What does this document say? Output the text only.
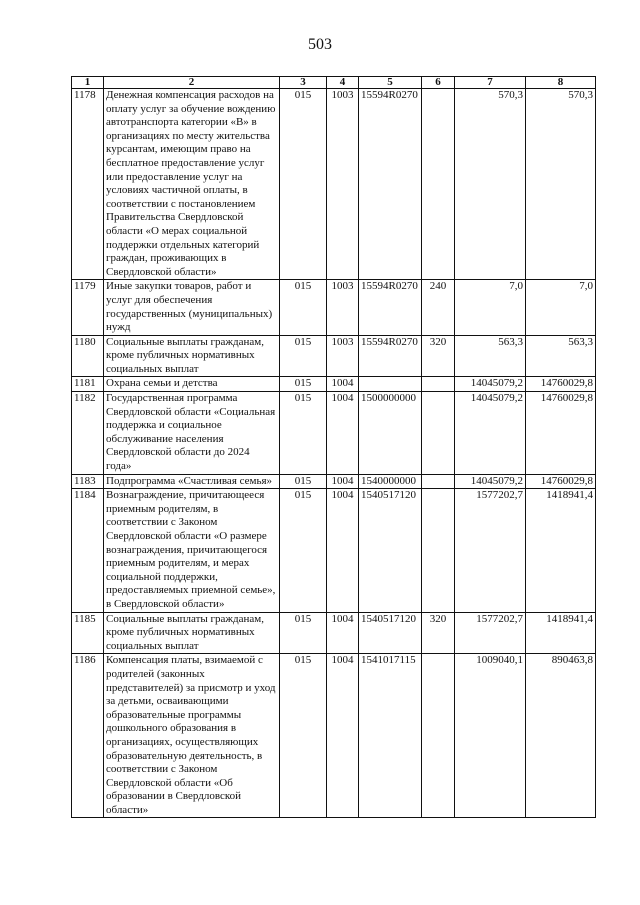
503
1	2	3	4	5	6	7	8
1178	Денежная компенсация расходов на оплату услуг за обучение вождению автотранспорта категории «В» в организациях по месту жительства курсантам, имеющим право на бесплатное предоставление услуг или предоставление услуг на условиях частичной оплаты, в соответствии с постановлением Правительства Свердловской области «О мерах социальной поддержки отдельных категорий граждан, проживающих в Свердловской области»	015	1003	15594R0270		570,3	570,3
1179	Иные закупки товаров, работ и услуг для обеспечения государственных (муниципальных) нужд	015	1003	15594R0270	240	7,0	7,0
1180	Социальные выплаты гражданам, кроме публичных нормативных социальных выплат	015	1003	15594R0270	320	563,3	563,3
1181	Охрана семьи и детства	015	1004			14045079,2	14760029,8
1182	Государственная программа Свердловской области «Социальная поддержка и социальное обслуживание населения Свердловской области до 2024 года»	015	1004	1500000000		14045079,2	14760029,8
1183	Подпрограмма «Счастливая семья»	015	1004	1540000000		14045079,2	14760029,8
1184	Вознаграждение, причитающееся приемным родителям, в соответствии с Законом Свердловской области «О размере вознаграждения, причитающегося приемным родителям, и мерах социальной поддержки, предоставляемых приемной семье», в Свердловской области»	015	1004	1540517120		1577202,7	1418941,4
1185	Социальные выплаты гражданам, кроме публичных нормативных социальных выплат	015	1004	1540517120	320	1577202,7	1418941,4
1186	Компенсация платы, взимаемой с родителей (законных представителей) за присмотр и уход за детьми, осваивающими образовательные программы дошкольного образования в организациях, осуществляющих образовательную деятельность, в соответствии с Законом Свердловской области «Об образовании в Свердловской области»	015	1004	1541017115		1009040,1	890463,8
